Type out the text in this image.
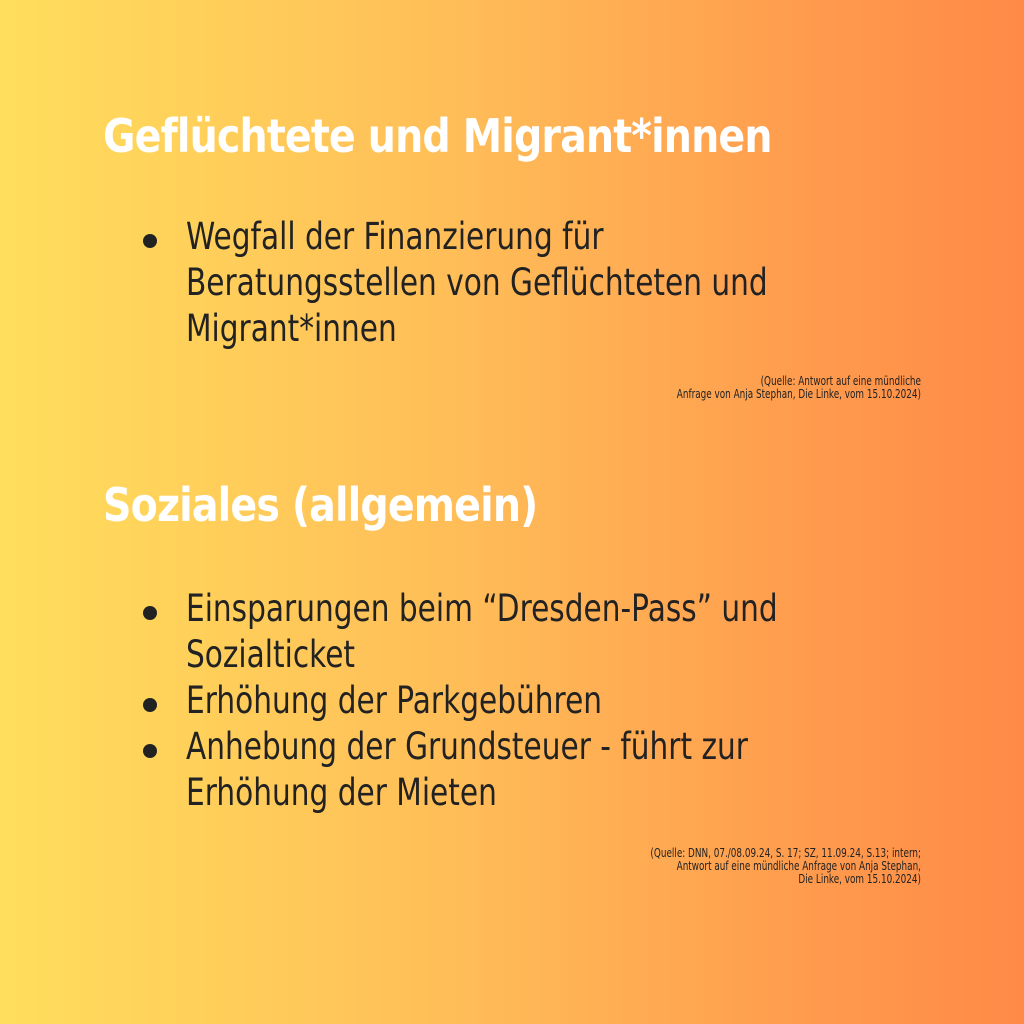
Geflüchtete und Migrant*innen
Wegfall der Finanzierung für
Beratungsstellen von Geflüchteten und
Migrant*innen

(Quelle: Antwort auf eine mündliche
Anfrage von Anja Stephan, Die Linke, vom 15.10.2024)

Soziales (allgemein)
Einsparungen beim “Dresden-Pass” und
Sozialticket
Erhöhung der Parkgebühren
Anhebung der Grundsteuer - führt zur
Erhöhung der Mieten

(Quelle: DNN, 07./08.09.24, S. 17; SZ, 11.09.24, S.13; intern;
Antwort auf eine mündliche Anfrage von Anja Stephan,
Die Linke, vom 15.10.2024)
